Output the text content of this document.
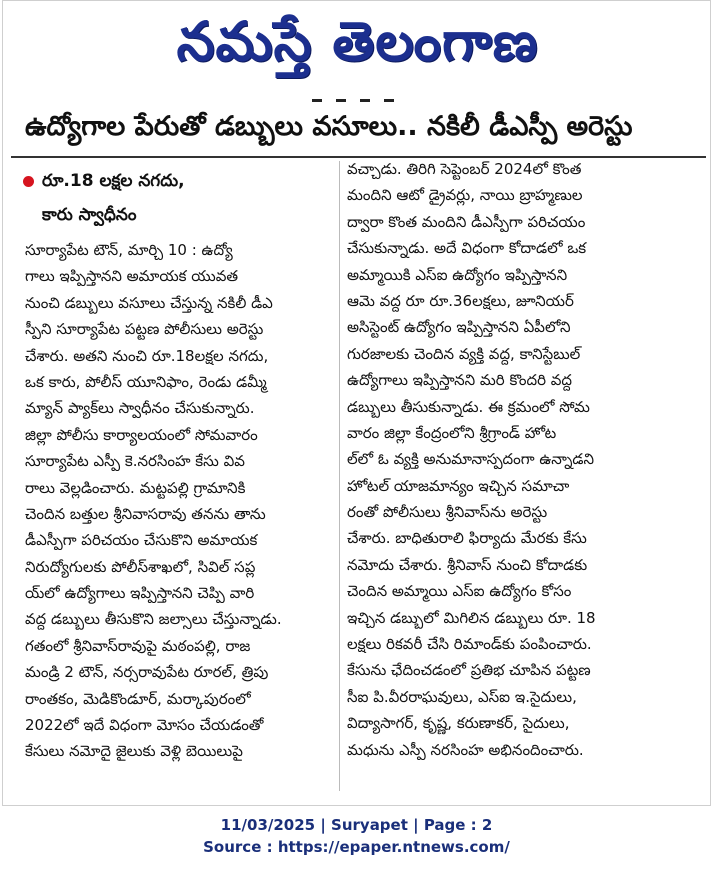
నమస్తే తెలంగాణ
ఉద్యోగాల పేరుతో డబ్బులు వసూలు.. నకిలీ డీఎస్పీ అరెస్టు
రూ.18 లక్షల నగదు,
కారు స్వాధీనం
సూర్యాపేట టౌన్, మార్చి 10 : ఉద్యో
గాలు ఇప్పిస్తానని అమాయక యువత
నుంచి డబ్బులు వసూలు చేస్తున్న నకిలీ డీఎ
స్పీని సూర్యాపేట పట్టణ పోలీసులు అరెస్టు
చేశారు. అతని నుంచి రూ.18లక్షల నగదు,
ఒక కారు, పోలీస్ యూనిఫాం, రెండు డమ్మీ
మ్యాన్ ప్యాక్‌లు స్వాధీనం చేసుకున్నారు.
జిల్లా పోలీసు కార్యాలయంలో సోమవారం
సూర్యాపేట ఎస్పీ కె.నరసింహ కేసు వివ
రాలు వెల్లడించారు. మట్టపల్లి గ్రామానికి
చెందిన బత్తుల శ్రీనివాసరావు తనను తాను
డీఎస్పీగా పరిచయం చేసుకొని అమాయక
నిరుద్యోగులకు పోలీస్‌శాఖలో, సివిల్ సప్ల
య్‌లో ఉద్యోగాలు ఇప్పిస్తానని చెప్పి వారి
వద్ద డబ్బులు తీసుకొని జల్సాలు చేస్తున్నాడు.
గతంలో శ్రీనివాస్‌రావుపై మఠంపల్లి, రాజ
మండ్రి 2 టౌన్, నర్సరావుపేట రూరల్, త్రిపు
రాంతకం, మెడికొండూర్, మర్కాపురంలో
2022లో ఇదే విధంగా మోసం చేయడంతో
కేసులు నమోదై జైలుకు వెళ్లి బెయిలుపై
వచ్చాడు. తిరిగి సెప్టెంబర్ 2024లో కొంత
మందిని ఆటో డ్రైవర్లు, నాయి బ్రాహ్మణుల
ద్వారా కొంత మందిని డీఎస్పీగా పరిచయం
చేసుకున్నాడు. అదే విధంగా కోదాడలో ఒక
అమ్మాయికి ఎస్ఐ ఉద్యోగం ఇప్పిస్తానని
ఆమె వద్ద రూ రూ.36లక్షలు, జూనియర్
అసిస్టెంట్ ఉద్యోగం ఇప్పిస్తానని ఏపీలోని
గురజాలకు చెందిన వ్యక్తి వద్ద, కానిస్టేబుల్
ఉద్యోగాలు ఇప్పిస్తానని మరి కొందరి వద్ద
డబ్బులు తీసుకున్నాడు. ఈ క్రమంలో సోమ
వారం జిల్లా కేంద్రంలోని శ్రీగ్రాండ్ హోట
ల్‌లో ఓ వ్యక్తి అనుమానాస్పదంగా ఉన్నాడని
హోటల్ యాజమాన్యం ఇచ్చిన సమాచా
రంతో పోలీసులు శ్రీనివాస్‌ను అరెస్టు
చేశారు. బాధితురాలి ఫిర్యాదు మేరకు కేసు
నమోదు చేశారు. శ్రీనివాస్ నుంచి కోదాడకు
చెందిన అమ్మాయి ఎస్ఐ ఉద్యోగం కోసం
ఇచ్చిన డబ్బులో మిగిలిన డబ్బులు రూ. 18
లక్షలు రికవరీ చేసి రిమాండ్‌కు పంపించారు.
కేసును ఛేదించడంలో ప్రతిభ చూపిన పట్టణ
సీఐ పి.వీరరాఘవులు, ఎస్ఐ ఇ.సైదులు,
విద్యాసాగర్, కృష్ణ, కరుణాకర్, సైదులు,
మధును ఎస్పీ నరసింహ అభినందించారు.
11/03/2025 | Suryapet | Page : 2
Source : https://epaper.ntnews.com/
